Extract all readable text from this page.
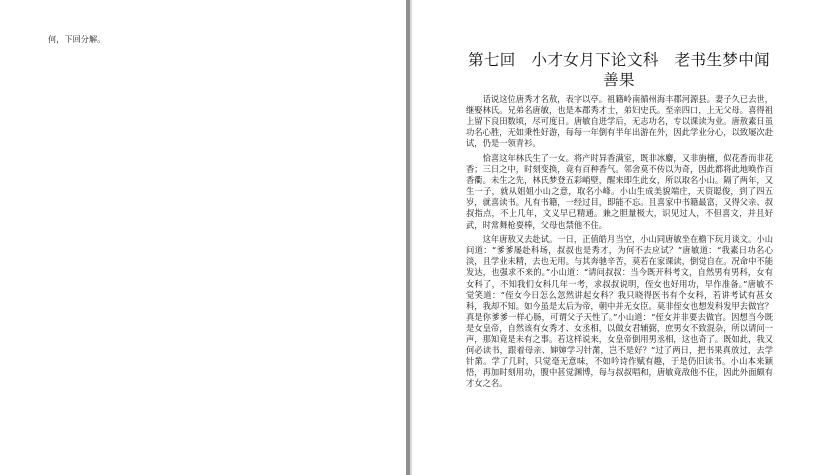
何，下回分解。
第七回　小才女月下论文科　老书生梦中闻善果

话说这位唐秀才名敖，表字以亭。祖籍岭南循州海丰郡河源县。妻子久已去世，继娶林氏。兄弟名唐敏，也是本郡秀才士，弟妇史氏。至亲四口，上无父母。喜得祖上留下良田数顷，尽可度日。唐敏自进学后，无志功名，专以课读为业。唐敖素日虽功名心胜，无如秉性好游，每每一年倒有半年出游在外，因此学业分心，以致屡次赴试，仍是一领青衫。

恰喜这年林氏生了一女。将产时异香满室，既非冰麝，又非旃檀，似花香而非花香；三日之中，时刻变换，竟有百种香气。邻舍莫不传以为奇，因此都将此地唤作百香衢。未生之先，林氏梦登五彩峭壁，醒来即生此女，所以取名小山。隔了两年，又生一子，就从姐姐小山之意，取名小峰。小山生成美貌端庄，天资聪俊，到了四五岁，就喜读书。凡有书籍，一经过目，即能不忘。且喜家中书籍最富，又得父亲、叔叔指点，不上几年，文义早已精通。兼之胆量极大，识见过人，不但喜文，并且好武，时常舞枪耍棒，父母也禁他不住。

这年唐敖又去赴试。一日，正值皓月当空，小山同唐敏坐在檐下玩月谈文。小山问道：“爹爹屡赴科场，叔叔也是秀才，为何不去应试？”唐敏道：“我素日功名心淡，且学业未精，去也无用。与其奔驰辛苦，莫若在家课读，倒觉自在。况命中不能发达，也强求不来的。”小山道：“请问叔叔：当今既开科考文，自然男有男科，女有女科了，不知我们女科几年一考，求叔叔说明，侄女也好用功，早作准备。”唐敏不觉笑道：“侄女今日怎么忽然讲起女科？我只晓得医书有个女科，若讲考试有甚女科，我却不知。如今虽是太后为帝，朝中并无女臣。莫非侄女也想发科发甲去做官？真是你爹爹一样心肠，可谓父子天性了。”小山道：“侄女并非要去做官。因想当今既是女皇帝，自然该有女秀才、女丞相，以做女君辅弼，庶男女不致混杂，所以请问一声，那知竟是未有之事。若这样说来，女皇帝倒用男丞相，这也奇了。既如此，我又何必读书，跟着母亲、婶婶学习针黹，岂不是好？”过了两日，把书果真放过，去学针黹。学了几时，只觉毫无意味，不如吟诗作赋有趣，于是仍旧读书。小山本来颖悟，再加时刻用功，腹中甚觉渊博，每与叔叔唱和，唐敏竟敌他不住，因此外面颇有才女之名。
